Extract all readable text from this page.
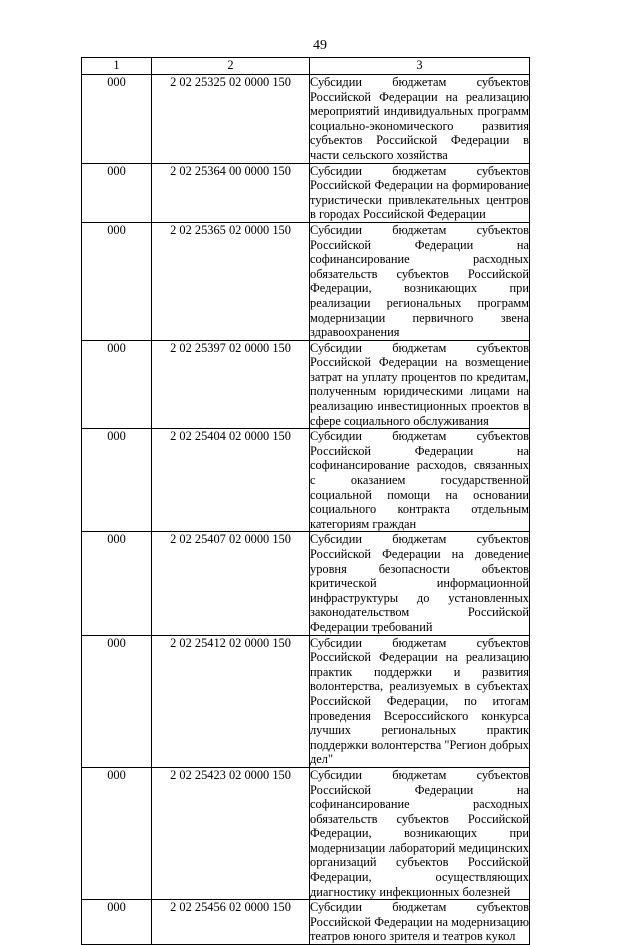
49
1	2	3
000	2 02 25325 02 0000 150	Субсидии бюджетам субъектов Российской Федерации на реализацию мероприятий индивидуальных программ социально-экономического развития субъектов Российской Федерации в части сельского хозяйства

000	2 02 25364 00 0000 150	Субсидии бюджетам субъектов Российской Федерации на формирование туристически привлекательных центров в городах Российской Федерации

000	2 02 25365 02 0000 150	Субсидии бюджетам субъектов Российской Федерации на софинансирование расходных обязательств субъектов Российской Федерации, возникающих при реализации региональных программ модернизации первичного звена здравоохранения

000	2 02 25397 02 0000 150	Субсидии бюджетам субъектов Российской Федерации на возмещение затрат на уплату процентов по кредитам, полученным юридическими лицами на реализацию инвестиционных проектов в сфере социального обслуживания

000	2 02 25404 02 0000 150	Субсидии бюджетам субъектов Российской Федерации на софинансирование расходов, связанных с оказанием государственной социальной помощи на основании социального контракта отдельным категориям граждан

000	2 02 25407 02 0000 150	Субсидии бюджетам субъектов Российской Федерации на доведение уровня безопасности объектов критической информационной инфраструктуры до установленных законодательством Российской Федерации требований

000	2 02 25412 02 0000 150	Субсидии бюджетам субъектов Российской Федерации на реализацию практик поддержки и развития волонтерства, реализуемых в субъектах Российской Федерации, по итогам проведения Всероссийского конкурса лучших региональных практик поддержки волонтерства "Регион добрых дел"

000	2 02 25423 02 0000 150	Субсидии бюджетам субъектов Российской Федерации на софинансирование расходных обязательств субъектов Российской Федерации, возникающих при модернизации лабораторий медицинских организаций субъектов Российской Федерации, осуществляющих диагностику инфекционных болезней

000	2 02 25456 02 0000 150	Субсидии бюджетам субъектов Российской Федерации на модернизацию театров юного зрителя и театров кукол
